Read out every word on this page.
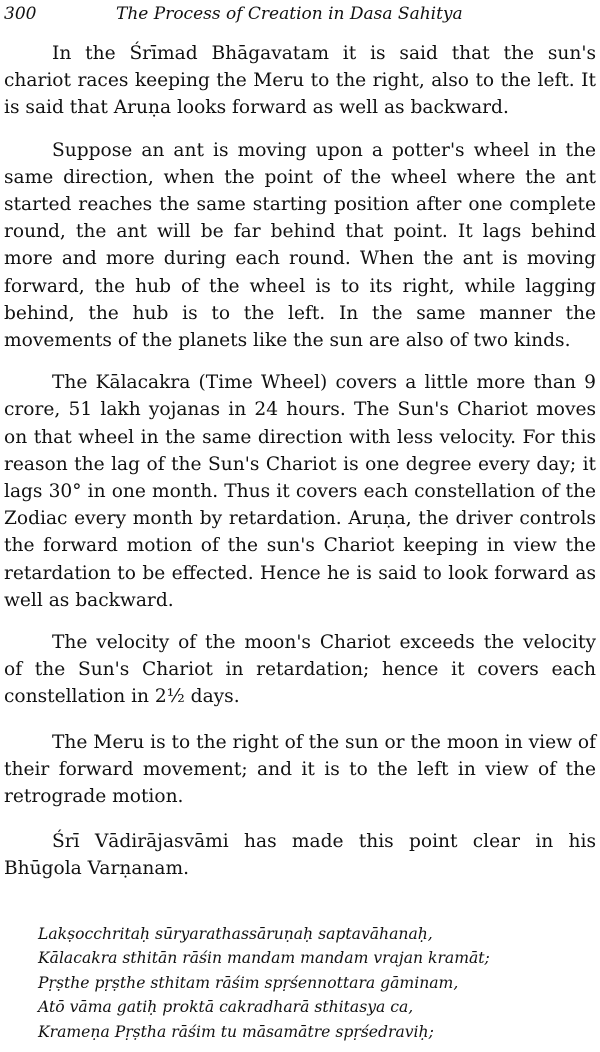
300	The Process of Creation in Dasa Sahitya

In the Śrīmad Bhāgavatam it is said that the sun's chariot races keeping the Meru to the right, also to the left. It is said that Aruṇa looks forward as well as backward.

Suppose an ant is moving upon a potter's wheel in the same direction, when the point of the wheel where the ant started reaches the same starting position after one complete round, the ant will be far behind that point. It lags behind more and more during each round. When the ant is moving forward, the hub of the wheel is to its right, while lagging behind, the hub is to the left. In the same manner the movements of the planets like the sun are also of two kinds.

The Kālacakra (Time Wheel) covers a little more than 9 crore, 51 lakh yojanas in 24 hours. The Sun's Chariot moves on that wheel in the same direction with less velocity. For this reason the lag of the Sun's Chariot is one degree every day; it lags 30° in one month. Thus it covers each constellation of the Zodiac every month by retardation. Aruṇa, the driver controls the forward motion of the sun's Chariot keeping in view the retardation to be effected. Hence he is said to look forward as well as backward.

The velocity of the moon's Chariot exceeds the velocity of the Sun's Chariot in retardation; hence it covers each constellation in 2½ days.

The Meru is to the right of the sun or the moon in view of their forward movement; and it is to the left in view of the retrograde motion.

Śrī Vādirājasvāmi has made this point clear in his Bhūgola Varṇanam.

Lakṣocchritaḥ sūryarathassāruṇaḥ saptavāhanaḥ,
Kālacakra sthitān rāśin mandam mandam vrajan kramāt;
Pṛṣthe pṛṣthe sthitam rāśim spṛśennottara gāminam,
Atō vāma gatiḥ proktā cakradharā sthitasya ca,
Krameṇa Pṛṣtha rāśim tu māsamātre spṛśedraviḥ;
